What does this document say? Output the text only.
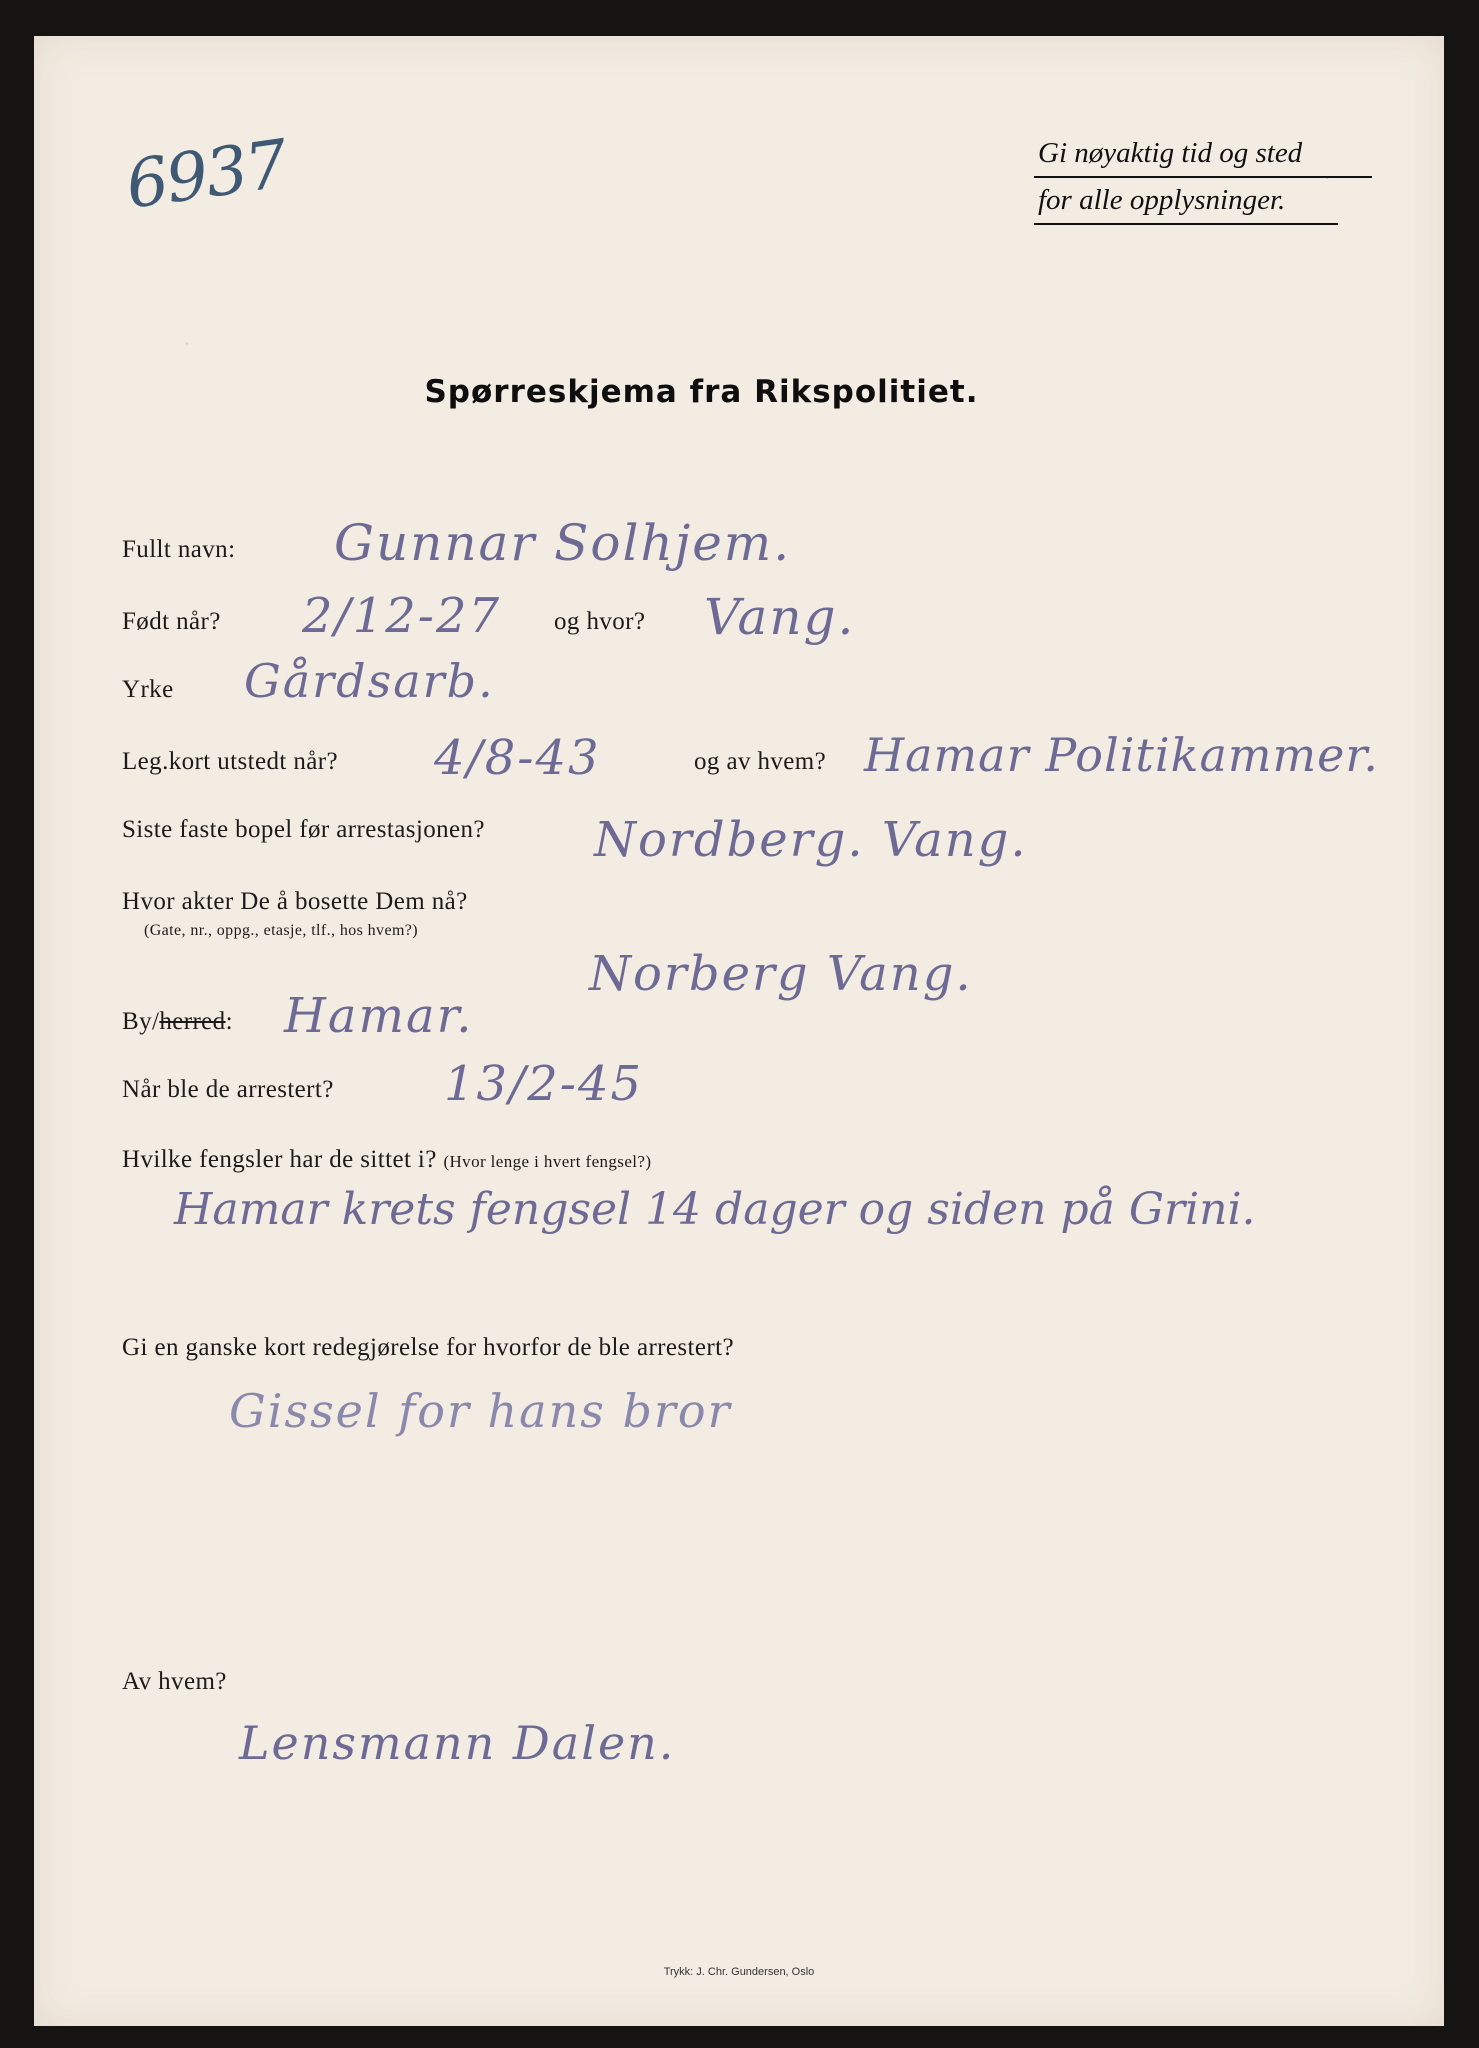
·
·
6937	Gi nøyaktig tid og sted
for alle opplysninger.
Spørreskjema fra Rikspolitiet.
Fullt navn: Gunnar Solhjem.
Født når? 2/12-27 og hvor? Vang.
Yrke Gårdsarb.
Leg.kort utstedt når? 4/8-43	og av hvem? Hamar Politikammer.
Siste faste bopel før arrestasjonen? Nordberg. Vang.
Hvor akter De å bosette Dem nå?
(Gate, nr., oppg., etasje, tlf., hos hvem?)
Norberg Vang.
By/herred: Hamar.
Når ble de arrestert? 13/2-45
Hvilke fengsler har de sittet i? (Hvor lenge i hvert fengsel?)
Hamar krets fengsel 14 dager og siden på Grini.
Gi en ganske kort redegjørelse for hvorfor de ble arrestert?
Gissel for hans bror
Av hvem?
Lensmann Dalen.
Trykk: J. Chr. Gundersen, Oslo
